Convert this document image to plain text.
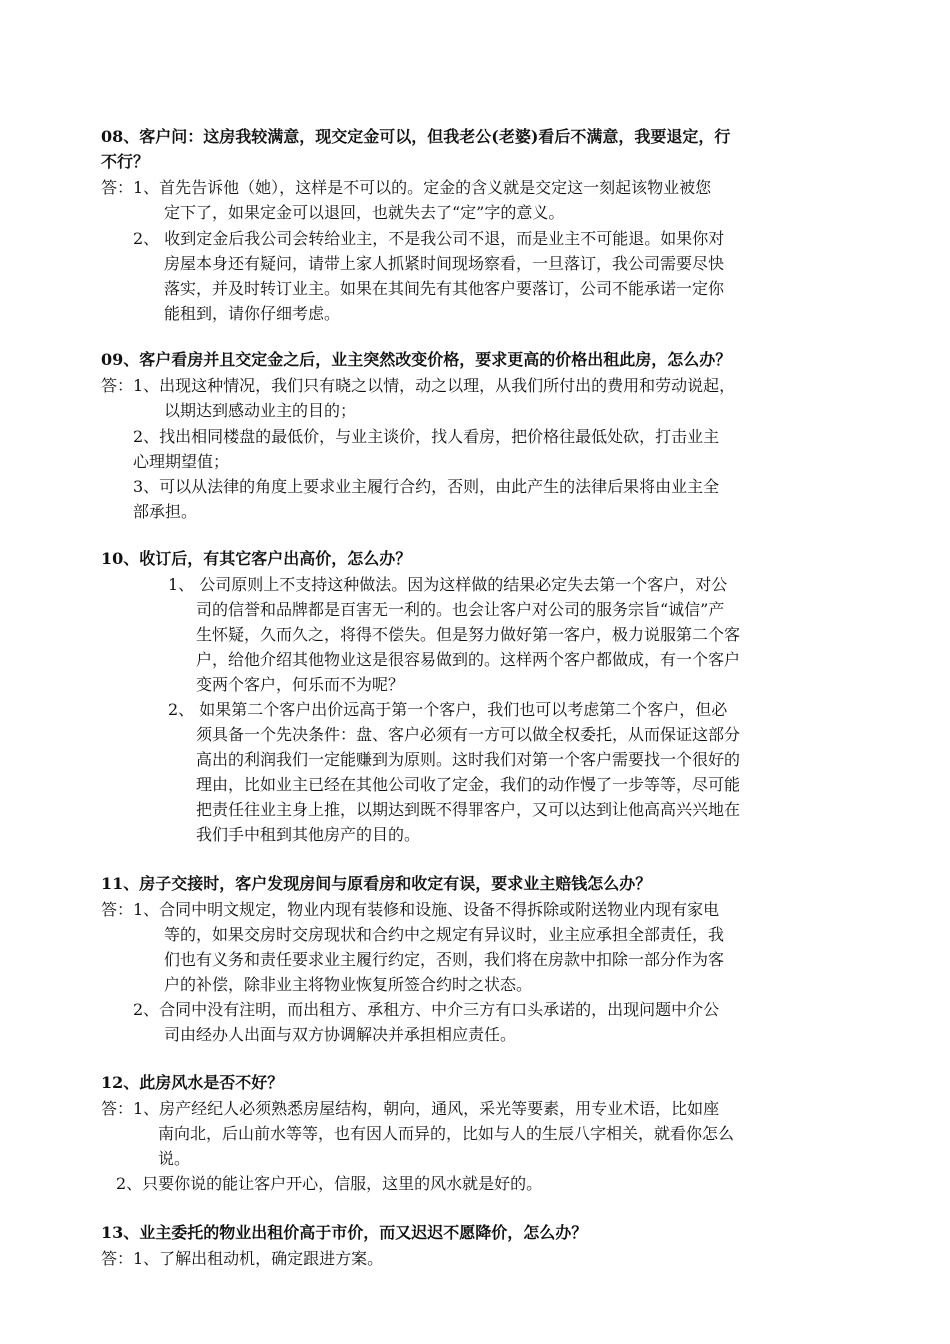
08、客户问：这房我较满意，现交定金可以，但我老公(老婆)看后不满意，我要退定，行
不行？
答：1、首先告诉他（她），这样是不可以的。定金的含义就是交定这一刻起该物业被您
定下了，如果定金可以退回，也就失去了“定”字的意义。
2、 收到定金后我公司会转给业主，不是我公司不退，而是业主不可能退。如果你对
房屋本身还有疑问，请带上家人抓紧时间现场察看，一旦落订，我公司需要尽快
落实，并及时转订业主。如果在其间先有其他客户要落订，公司不能承诺一定你
能租到，请你仔细考虑。
09、客户看房并且交定金之后，业主突然改变价格，要求更高的价格出租此房，怎么办？
答：1、出现这种情况，我们只有晓之以情，动之以理，从我们所付出的费用和劳动说起，
以期达到感动业主的目的；
2、找出相同楼盘的最低价，与业主谈价，找人看房，把价格往最低处砍，打击业主
心理期望值；
3、可以从法律的角度上要求业主履行合约，否则，由此产生的法律后果将由业主全
部承担。
10、收订后，有其它客户出高价，怎么办？
1、 公司原则上不支持这种做法。因为这样做的结果必定失去第一个客户，对公
司的信誉和品牌都是百害无一利的。也会让客户对公司的服务宗旨“诚信”产
生怀疑，久而久之，将得不偿失。但是努力做好第一客户，极力说服第二个客
户，给他介绍其他物业这是很容易做到的。这样两个客户都做成，有一个客户
变两个客户，何乐而不为呢？
2、 如果第二个客户出价远高于第一个客户，我们也可以考虑第二个客户，但必
须具备一个先决条件：盘、客户必须有一方可以做全权委托，从而保证这部分
高出的利润我们一定能赚到为原则。这时我们对第一个客户需要找一个很好的
理由，比如业主已经在其他公司收了定金，我们的动作慢了一步等等，尽可能
把责任往业主身上推，以期达到既不得罪客户，又可以达到让他高高兴兴地在
我们手中租到其他房产的目的。
11、房子交接时，客户发现房间与原看房和收定有误，要求业主赔钱怎么办？
答：1、合同中明文规定，物业内现有装修和设施、设备不得拆除或附送物业内现有家电
等的，如果交房时交房现状和合约中之规定有异议时，业主应承担全部责任，我
们也有义务和责任要求业主履行约定，否则，我们将在房款中扣除一部分作为客
户的补偿，除非业主将物业恢复所签合约时之状态。
2、合同中没有注明，而出租方、承租方、中介三方有口头承诺的，出现问题中介公
司由经办人出面与双方协调解决并承担相应责任。
12、此房风水是否不好？
答：1、房产经纪人必须熟悉房屋结构，朝向，通风，采光等要素，用专业术语，比如座
南向北，后山前水等等，也有因人而异的，比如与人的生辰八字相关，就看你怎么
说。
2、只要你说的能让客户开心，信服，这里的风水就是好的。
13、业主委托的物业出租价高于市价，而又迟迟不愿降价，怎么办？
答：1、了解出租动机，确定跟进方案。
